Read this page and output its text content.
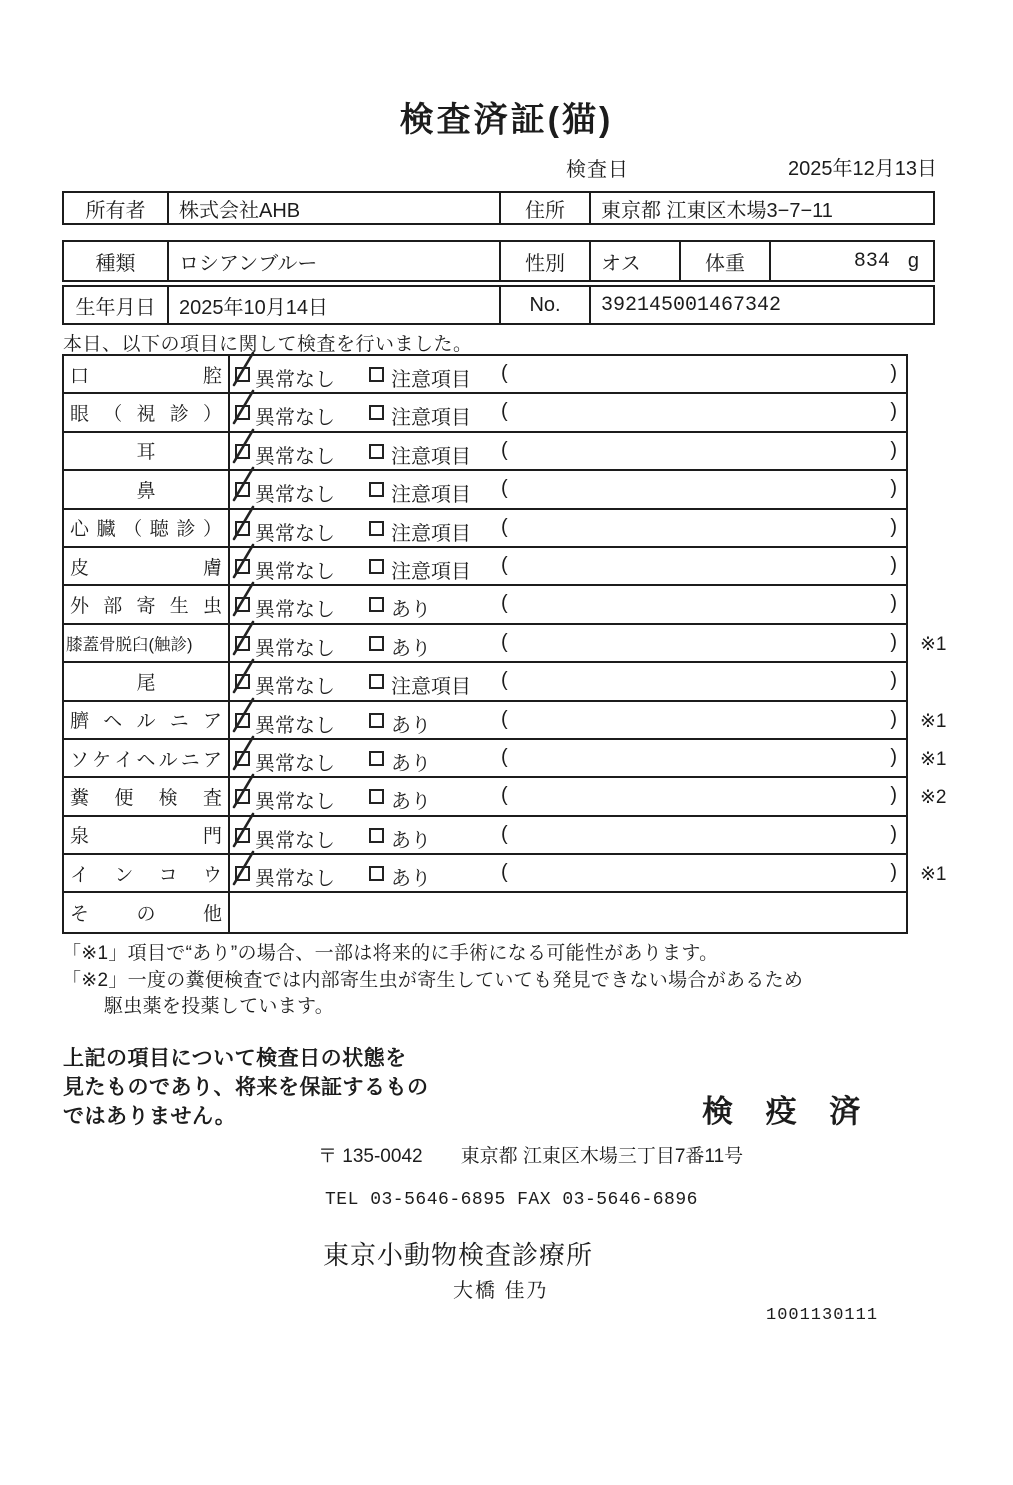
検査済証(猫)
検査日	2025年12月13日
所有者	株式会社AHB	住所	東京都 江東区木場3−7−11
種類	ロシアンブルー	性別	オス	体重	834 g
生年月日	2025年10月14日	No.	392145001467342
本日、以下の項目に関して検査を行いました。
口	腔 異常なし	注意項目 (	)
眼 （ 視 診 ） 異常なし	注意項目 (	)
耳	異常なし	注意項目 (	)
鼻	異常なし	注意項目 (	)
心 臓 （ 聴 診 ） 異常なし	注意項目 (	)
皮	膚 異常なし	注意項目 (	)
外 部 寄 生 虫 異常なし	あり	(	)
膝蓋骨脱臼(触診)	異常なし	あり	(	) ※1
尾	異常なし	注意項目 (	)
臍 ヘ ル ニ ア 異常なし	あり	(	) ※1
ソ ケ イ ヘ ル ニ ア 異常なし	あり	(	) ※1
糞 便 検 査 異常なし	あり	(	) ※2
泉	門 異常なし	あり	(	)
イ ン コ ウ 異常なし	あり	(	) ※1
そ の 他
「※1」項目で“あり”の場合、一部は将来的に手術になる可能性があります。
「※2」一度の糞便検査では内部寄生虫が寄生していても発見できない場合があるため
駆虫薬を投薬しています。
上記の項目について検査日の状態を
見たものであり、将来を保証するもの
ではありません。	検 疫 済
〒 135-0042 東京都 江東区木場三丁目7番11号
TEL 03-5646-6895 FAX 03-5646-6896
東京小動物検査診療所
大橋 佳乃
1001130111
